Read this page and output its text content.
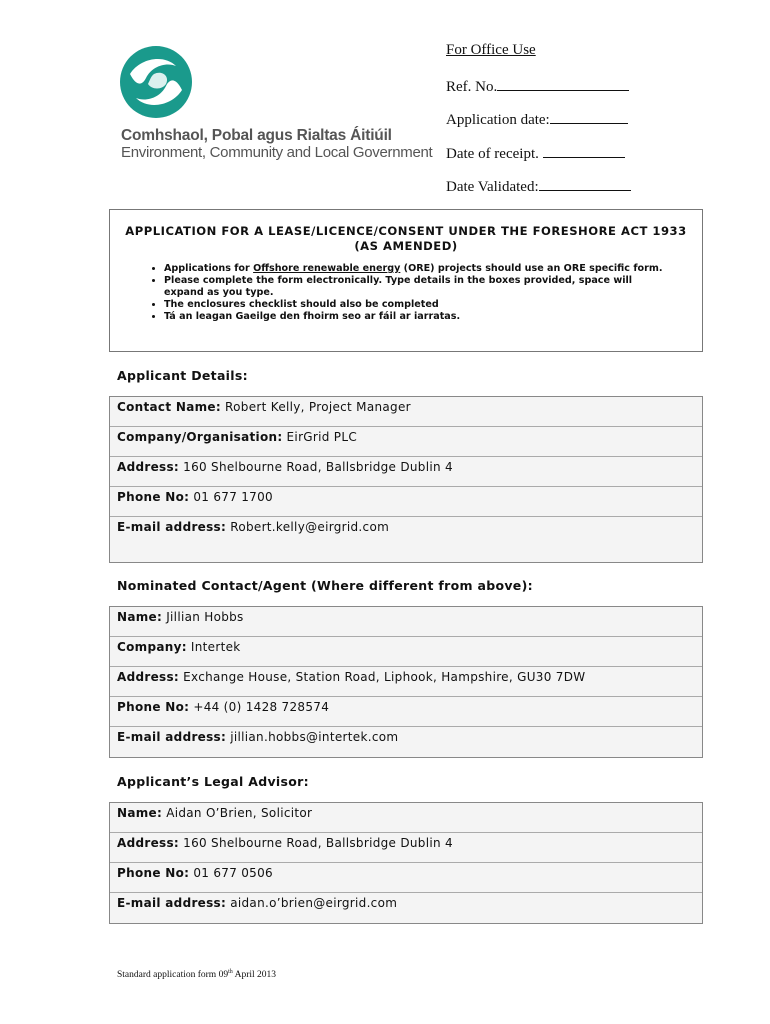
Comhshaol, Pobal agus Rialtas Áitiúil
Environment, Community and Local Government
For Office Use
Ref. No.
Application date:
Date of receipt.
Date Validated:
APPLICATION FOR A LEASE/LICENCE/CONSENT UNDER THE FORESHORE ACT 1933 (AS AMENDED)
• Applications for Offshore renewable energy (ORE) projects should use an ORE specific form.
• Please complete the form electronically. Type details in the boxes provided, space will expand as you type.
• The enclosures checklist should also be completed
• Tá an leagan Gaeilge den fhoirm seo ar fáil ar iarratas.
Applicant Details:
Contact Name: Robert Kelly, Project Manager
Company/Organisation: EirGrid PLC
Address: 160 Shelbourne Road, Ballsbridge Dublin 4
Phone No: 01 677 1700
E-mail address: Robert.kelly@eirgrid.com
Nominated Contact/Agent (Where different from above):
Name: Jillian Hobbs
Company: Intertek
Address: Exchange House, Station Road, Liphook, Hampshire, GU30 7DW
Phone No: +44 (0) 1428 728574
E-mail address: jillian.hobbs@intertek.com
Applicant’s Legal Advisor:
Name: Aidan O’Brien, Solicitor
Address: 160 Shelbourne Road, Ballsbridge Dublin 4
Phone No: 01 677 0506
E-mail address: aidan.o’brien@eirgrid.com
Standard application form 09th April 2013
